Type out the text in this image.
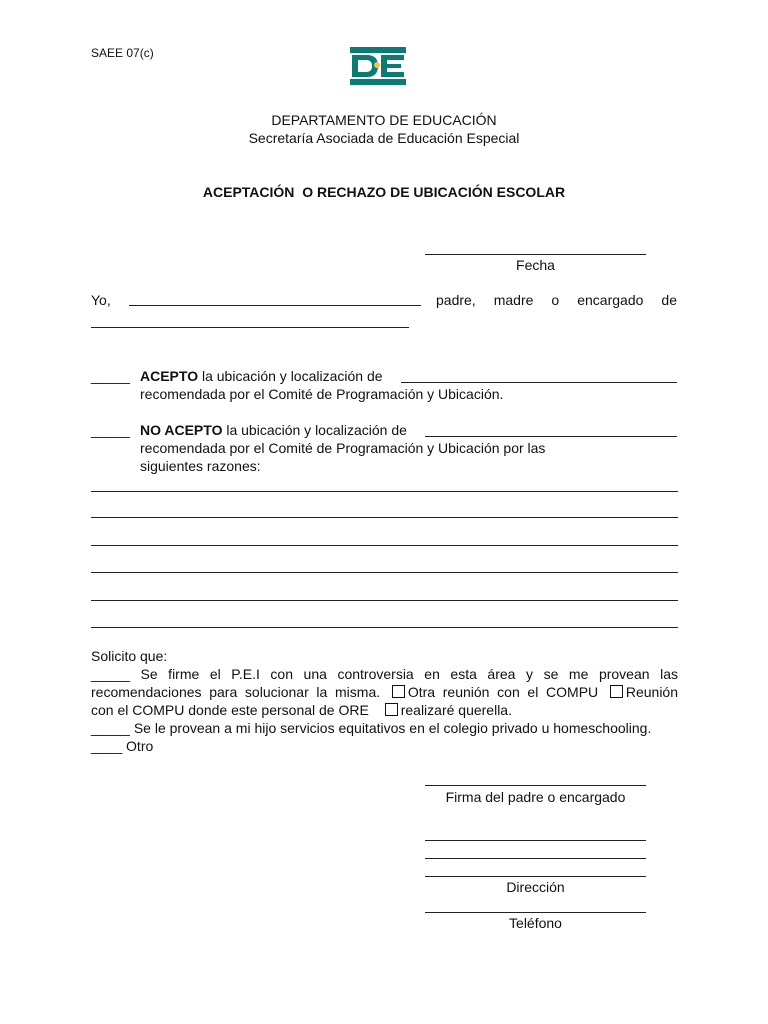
SAEE 07(c)
DEPARTAMENTO DE EDUCACIÓN
Secretaría Asociada de Educación Especial
ACEPTACIÓN  O RECHAZO DE UBICACIÓN ESCOLAR
Fecha
Yo,	padre, madre o encargado de
_____ ACEPTO la ubicación y localización de
recomendada por el Comité de Programación y Ubicación.
_____ NO ACEPTO la ubicación y localización de
recomendada por el Comité de Programación y Ubicación por las
siguientes razones:
Solicito que:
_____ Se firme el P.E.I con una controversia en esta área y se me provean las
recomendaciones para solucionar la misma. Otra reunión con el COMPU Reunión
con el COMPU donde este personal de ORE realizaré querella.
_____ Se le provean a mi hijo servicios equitativos en el colegio privado u homeschooling.
____ Otro
Firma del padre o encargado
Dirección
Teléfono
